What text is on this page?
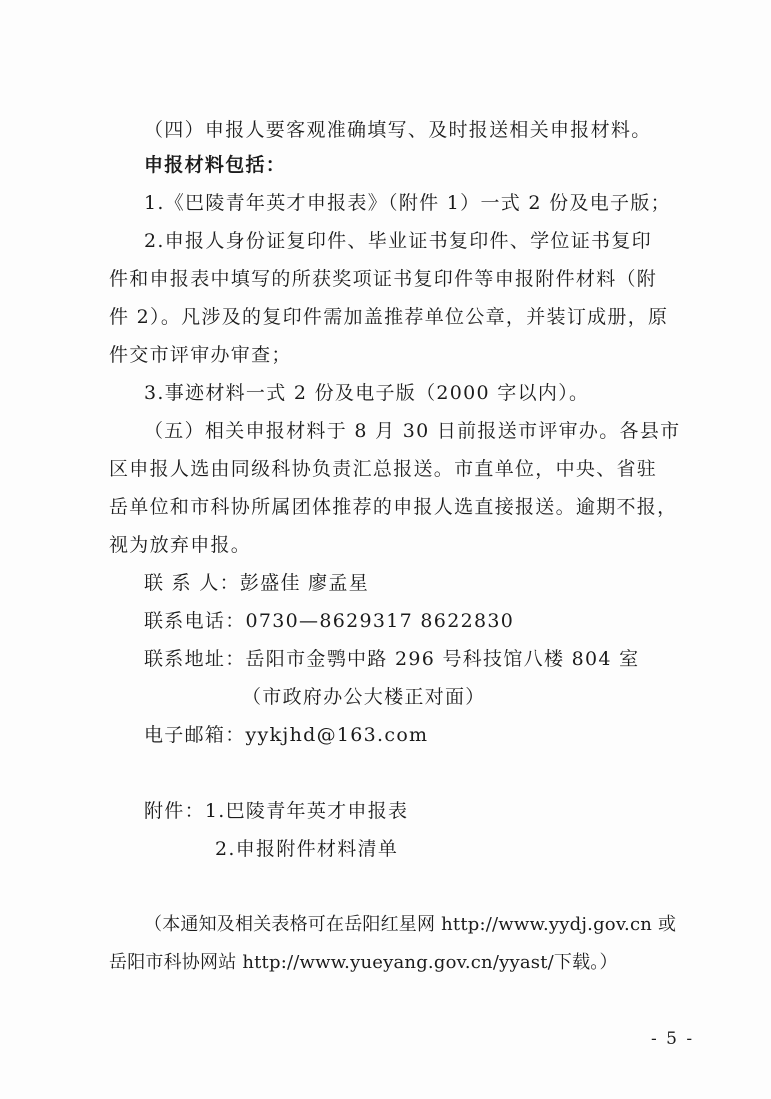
（四）申报人要客观准确填写、及时报送相关申报材料。
申报材料包括：
1.《巴陵青年英才申报表》（附件 1）一式 2 份及电子版；
2.申报人身份证复印件、毕业证书复印件、学位证书复印
件和申报表中填写的所获奖项证书复印件等申报附件材料（附
件 2）。凡涉及的复印件需加盖推荐单位公章，并装订成册，原
件交市评审办审查；
3.事迹材料一式 2 份及电子版（2000 字以内）。
（五）相关申报材料于 8 月 30 日前报送市评审办。各县市
区申报人选由同级科协负责汇总报送。市直单位，中央、省驻
岳单位和市科协所属团体推荐的申报人选直接报送。逾期不报，
视为放弃申报。
联 系 人：彭盛佳 廖孟星
联系电话：0730—8629317 8622830
联系地址：岳阳市金鹗中路 296 号科技馆八楼 804 室
（市政府办公大楼正对面）
电子邮箱：yykjhd@163.com
附件：1.巴陵青年英才申报表
2.申报附件材料清单
（本通知及相关表格可在岳阳红星网 http://www.yydj.gov.cn 或
岳阳市科协网站 http://www.yueyang.gov.cn/yyast/下载。）
- 5 -
